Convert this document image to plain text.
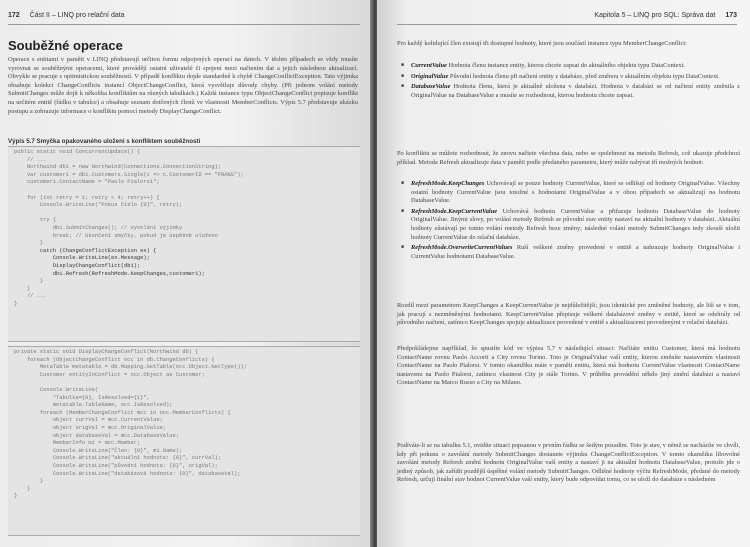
172 Část II – LINQ pro relační data
Souběžné operace
Operace s entitami v paměti v LINQ představují určitou formu odpojených operací na datech. V těchto případech se vždy musíte vyrovnat se souběžnými operacemi, které provádějí ostatní uživatelé či spojení mezi načtením dat a jejich následnou aktualizací. Obvykle se pracuje s optimistickou souběžností. V případě konfliktu dojde standardně k chybě ChangeConflictException. Tato výjimka obsahuje kolekci ChangeConflicts instancí ObjectChangeConflict, která vysvětluje důvody chyby. (Při jednom volání metody SubmitChanges může dojít k několika konfliktům na různých tabulkách.) Každá instance typu ObjectChangeConflict popisuje konflikt na určitém entitě (řádku v tabulce) a obsahuje seznam dotčených členů ve vlastnosti MemberConflicts. Výpis 5.7 představuje ukázku postupu a zobrazuje informace o konfliktu pomocí metody DisplayChangeConflict.
Výpis 5.7 Smyčka opakovaného uložení s konfliktem souběžnosti
public static void ConcurrentUpdate() {
// ...
Northwind db1 = new Northwind(Connections.ConnectionString);
var customer1 = db1.Customers.Single(c => c.CustomerID == "FRANS");
customer1.ContactName = "Paolo Pialorsi";

for (int retry = 1; retry < 4; retry++) {
Console.WriteLine("Pokus číslo {0}", retry);

try {
db1.SubmitChanges(); // vyvolání výjimky
break; // Ukončení smyčky, pokud je úspěšně uloženo
}
catch (ChangeConflictException ex) {
Console.WriteLine(ex.Message);
DisplayChangeConflict(db1);
db1.Refresh(RefreshMode.KeepChanges,customer1);
}
}
// ...
}
private static void DisplayChangeConflict(Northwind db) {
foreach (ObjectChangeConflict occ in db.ChangeConflicts) {
MetaTable metatable = db.Mapping.GetTable(occ.Object.GetType());
Customer entityInConflict = occ.Object as Customer;

Console.WriteLine(
"Tabulka={0}, IsResolved={1}",
metatable.TableName, occ.IsResolved);
foreach (MemberChangeConflict mcc in occ.MemberConflicts) {
object currVal = mcc.CurrentValue;
object origVal = mcc.OriginalValue;
object databaseVal = mcc.DatabaseValue;
MemberInfo mi = mcc.Member;
Console.WriteLine("Člen: {0}", mi.Name);
Console.WriteLine("aktuální hodnota: {0}", currVal);
Console.WriteLine("původní hodnota: {0}", origVal);
Console.WriteLine("databázová hodnota: {0}", databaseVal);
}
}
}
Kapitola 5 – LINQ pro SQL: Správa dat 173
Pro každý kolidující člen existují tři dostupné hodnoty, které jsou součástí instance typu MemberChangeConflict:
■ CurrentValue Hodnota členu instance entity, kterou chcete zapsat do aktuálního objektu typu DataContext.
■ OriginalValue Původní hodnota členu při načtení entity z databáze, před změnou v aktuálním objektu typu DataContext.
■ DatabaseValue Hodnota členu, která je aktuálně uložena v databázi. Hodnota v databázi se od načtení entity změnila z OriginalValue na DatabaseValue a musíte se rozhodnout, kterou hodnotu chcete zapsat.
Po konfliktu se můžete rozhodnout, že znovu načtete všechna data, nebo se spolehnout na metodu Refresh, což ukazuje předchozí příklad. Metoda Refresh aktualizuje data v paměti podle předaného parametru, který může nabývat tří možných hodnot:
■ RefreshMode.KeepChanges Uchovávají se pouze hodnoty CurrentValue, které se odlišují od hodnoty OriginalValue. Všechny ostatní hodnoty CurrentValue jsou totožné s hodnotami OriginalValue a v obou případech se aktualizují na hodnotu DatabaseValue.
■ RefreshMode.KeepCurrentValue Uchovává hodnotu CurrentValue a přiřazuje hodnotu DatabaseValue do hodnoty OriginalValue. Jinými slovy, po volání metody Refresh se původní stav entity nastaví na aktuální hodnoty v databázi. Aktuální hodnoty zůstávají po tomto volání metody Refresh beze změny; následné volání metody SubmitChanges tedy zkouší uložit hodnoty CurrentValue do relační databáze.
■ RefreshMode.OverwriteCurrentValues Ruší veškeré změny provedené v entitě a nahrazuje hodnoty OriginalValue i CurrentValue hodnotami DatabaseValue.
Rozdíl mezi parametrem KeepChanges a KeepCurrentValue je nejdůležitější; jsou identické pro změněné hodnoty, ale liší se v tom, jak pracují s nezměněnými hodnotami. KeepCurrentValue přepisuje veškeré databázové změny v entitě, které se odehrály od původního načtení, zatímco KeepChanges spojuje aktualizace provedené v entitě s aktualizacemi provedenými v relační databázi.
Předpokládejme například, že spustíte kód ve výpisu 5.7 v následující situaci: Načítáte entitu Customer, která má hodnotu ContactName rovnu Paolo Accorti a City rovnu Torino. Toto je OriginalValue vaší entity, kterou změníte nastavením vlastnosti ContactName na Paolo Pialorsi. V tomto okamžiku máte v paměti entitu, která má hodnotu CurrentValue vlastnosti ContactName nastavenu na Paolo Pialorsi, zatímco vlastnost City je stále Torino. V průběhu provádění někdo jiný změní databázi a nastaví ContactName na Marco Russo a City na Milano.
Podíváte-li se na tabulku 5.1, uvidíte situaci popsanou v prvním řádku se šedým pozadím. Toto je stav, v němž se nacházíte ve chvíli, kdy při pokusu o zavolání metody SubmitChanges dostanete výjimku ChangeConflictException. V tomto okamžiku libovolné zavolání metody Refresh změní hodnotu OriginalValue vaší entity a nastaví ji na aktuální hodnotu DatabaseValue, protože jde o jediný způsob, jak zařídit pozdější úspěšné volání metody SubmitChanges. Odlišné hodnoty výčtu RefreshMode, předané do metody Refresh, určují finální stav hodnot CurrentValue vaší entity, který bude odpovídat tomu, co se uloží do databáze s následném
